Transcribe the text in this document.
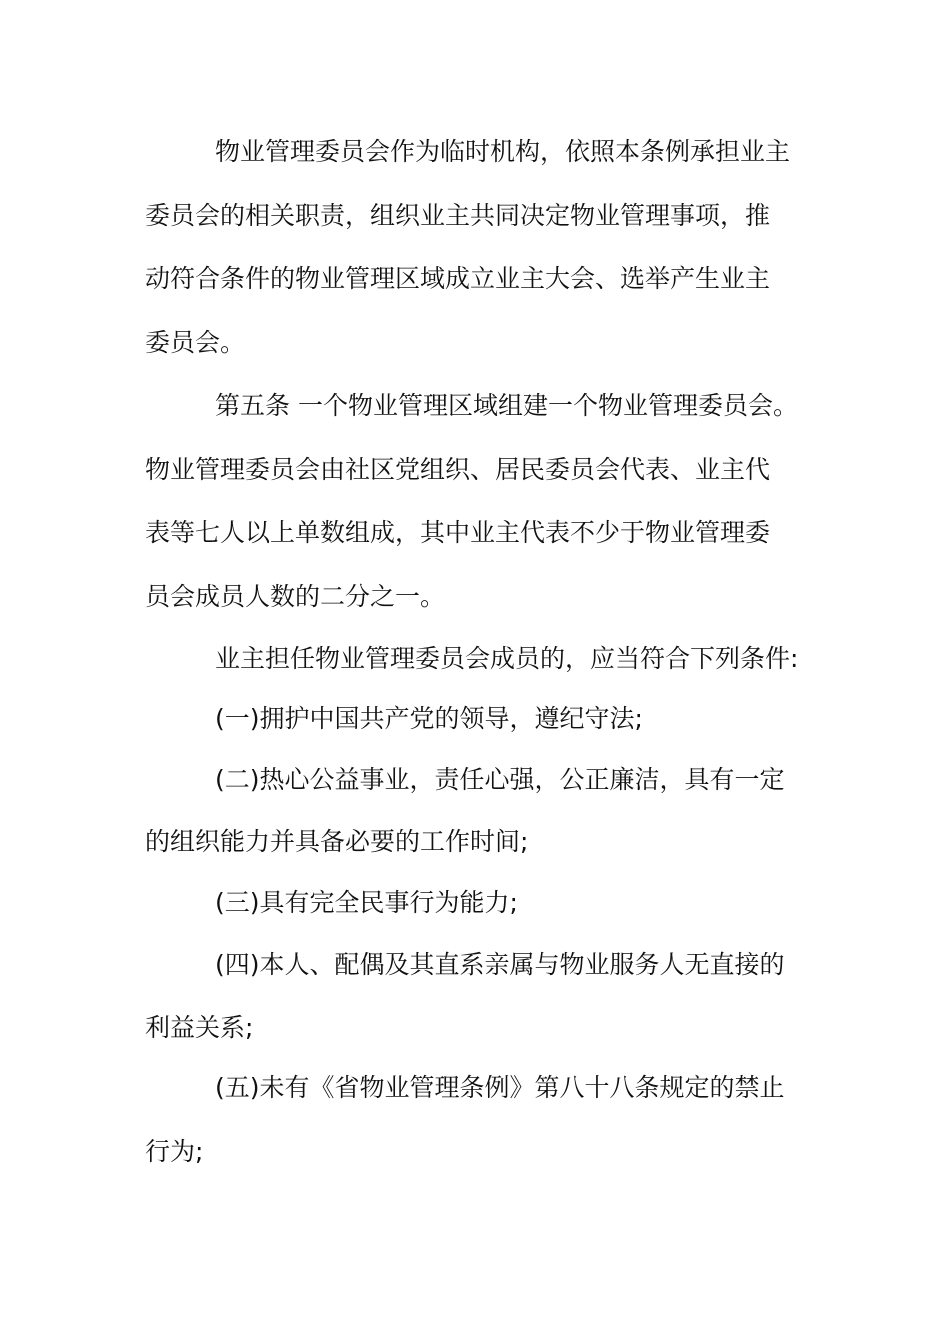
物业管理委员会作为临时机构，依照本条例承担业主

委员会的相关职责，组织业主共同决定物业管理事项，推

动符合条件的物业管理区域成立业主大会、选举产生业主

委员会。

第五条 一个物业管理区域组建一个物业管理委员会。

物业管理委员会由社区党组织、居民委员会代表、业主代

表等七人以上单数组成，其中业主代表不少于物业管理委

员会成员人数的二分之一。

业主担任物业管理委员会成员的，应当符合下列条件:

(一)拥护中国共产党的领导，遵纪守法;

(二)热心公益事业，责任心强，公正廉洁，具有一定

的组织能力并具备必要的工作时间;

(三)具有完全民事行为能力;

(四)本人、配偶及其直系亲属与物业服务人无直接的

利益关系;

(五)未有《省物业管理条例》第八十八条规定的禁止

行为;
